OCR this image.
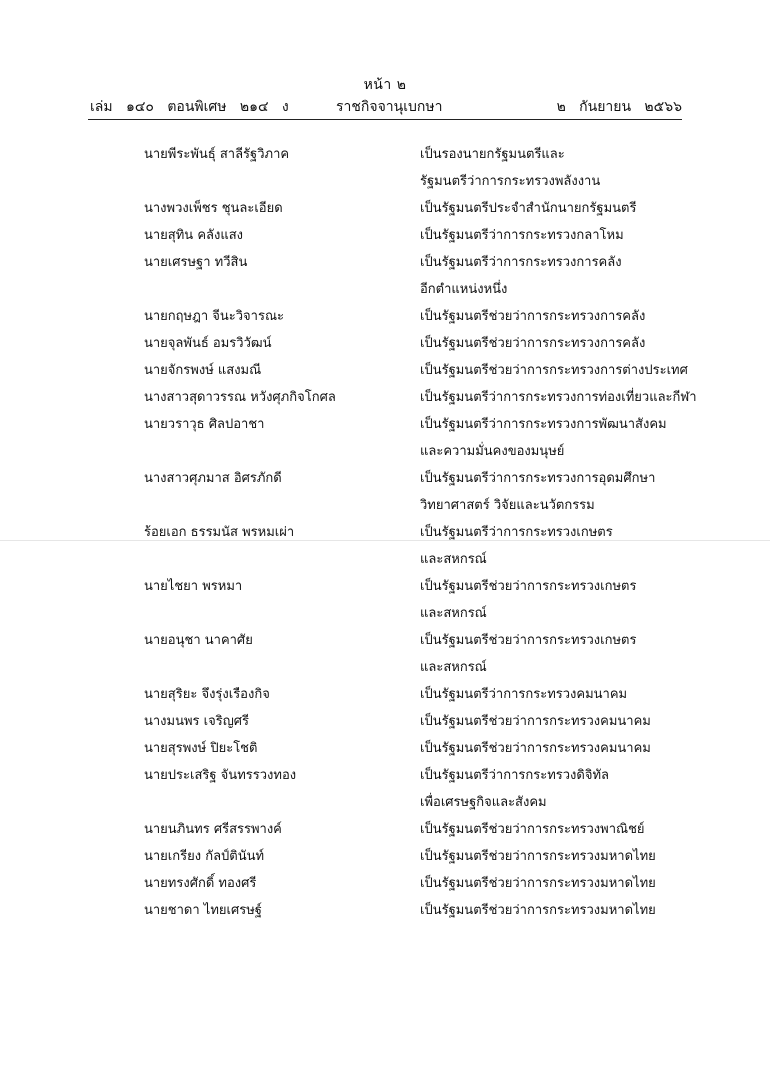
หน้า ๒
เล่ม   ๑๔๐   ตอนพิเศษ   ๒๑๔   ง	ราชกิจจานุเบกษา	๒   กันยายน   ๒๕๖๖
นายพีระพันธุ์ สาลีรัฐวิภาค	เป็นรองนายกรัฐมนตรีและ
รัฐมนตรีว่าการกระทรวงพลังงาน
นางพวงเพ็ชร ชุนละเอียด	เป็นรัฐมนตรีประจำสำนักนายกรัฐมนตรี
นายสุทิน คลังแสง	เป็นรัฐมนตรีว่าการกระทรวงกลาโหม
นายเศรษฐา ทวีสิน	เป็นรัฐมนตรีว่าการกระทรวงการคลัง
อีกตำแหน่งหนึ่ง
นายกฤษฎา จีนะวิจารณะ	เป็นรัฐมนตรีช่วยว่าการกระทรวงการคลัง
นายจุลพันธ์ อมรวิวัฒน์	เป็นรัฐมนตรีช่วยว่าการกระทรวงการคลัง
นายจักรพงษ์ แสงมณี	เป็นรัฐมนตรีช่วยว่าการกระทรวงการต่างประเทศ
นางสาวสุดาวรรณ หวังศุภกิจโกศล	เป็นรัฐมนตรีว่าการกระทรวงการท่องเที่ยวและกีฬา
นายวราวุธ ศิลปอาชา	เป็นรัฐมนตรีว่าการกระทรวงการพัฒนาสังคม
และความมั่นคงของมนุษย์
นางสาวศุภมาส อิศรภักดี	เป็นรัฐมนตรีว่าการกระทรวงการอุดมศึกษา
วิทยาศาสตร์ วิจัยและนวัตกรรม
ร้อยเอก ธรรมนัส พรหมเผ่า	เป็นรัฐมนตรีว่าการกระทรวงเกษตร
และสหกรณ์
นายไชยา พรหมา	เป็นรัฐมนตรีช่วยว่าการกระทรวงเกษตร
และสหกรณ์
นายอนุชา นาคาศัย	เป็นรัฐมนตรีช่วยว่าการกระทรวงเกษตร
และสหกรณ์
นายสุริยะ จึงรุ่งเรืองกิจ	เป็นรัฐมนตรีว่าการกระทรวงคมนาคม
นางมนพร เจริญศรี	เป็นรัฐมนตรีช่วยว่าการกระทรวงคมนาคม
นายสุรพงษ์ ปิยะโชติ	เป็นรัฐมนตรีช่วยว่าการกระทรวงคมนาคม
นายประเสริฐ จันทรรวงทอง	เป็นรัฐมนตรีว่าการกระทรวงดิจิทัล
เพื่อเศรษฐกิจและสังคม
นายนภินทร ศรีสรรพางค์	เป็นรัฐมนตรีช่วยว่าการกระทรวงพาณิชย์
นายเกรียง กัลป์ตินันท์	เป็นรัฐมนตรีช่วยว่าการกระทรวงมหาดไทย
นายทรงศักดิ์ ทองศรี	เป็นรัฐมนตรีช่วยว่าการกระทรวงมหาดไทย
นายชาดา ไทยเศรษฐ์	เป็นรัฐมนตรีช่วยว่าการกระทรวงมหาดไทย
